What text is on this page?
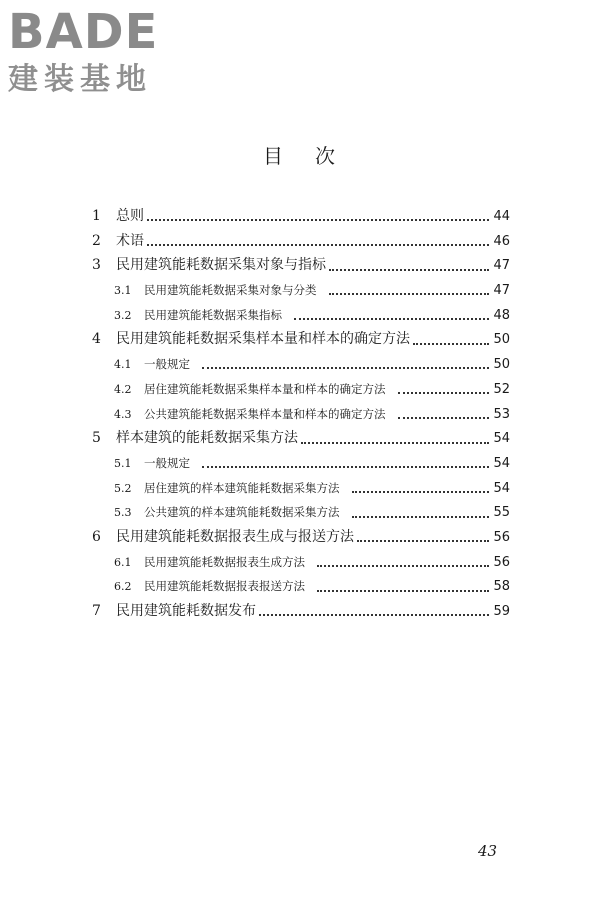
BADE
建装基地
目 次
1	总则	44
2	术语	46
3	民用建筑能耗数据采集对象与指标	47
3.1	民用建筑能耗数据采集对象与分类	47
3.2	民用建筑能耗数据采集指标	48
4	民用建筑能耗数据采集样本量和样本的确定方法	50
4.1	一般规定	50
4.2	居住建筑能耗数据采集样本量和样本的确定方法	52
4.3	公共建筑能耗数据采集样本量和样本的确定方法	53
5	样本建筑的能耗数据采集方法	54
5.1	一般规定	54
5.2	居住建筑的样本建筑能耗数据采集方法	54
5.3	公共建筑的样本建筑能耗数据采集方法	55
6	民用建筑能耗数据报表生成与报送方法	56
6.1	民用建筑能耗数据报表生成方法	56
6.2	民用建筑能耗数据报表报送方法	58
7	民用建筑能耗数据发布	59
43
